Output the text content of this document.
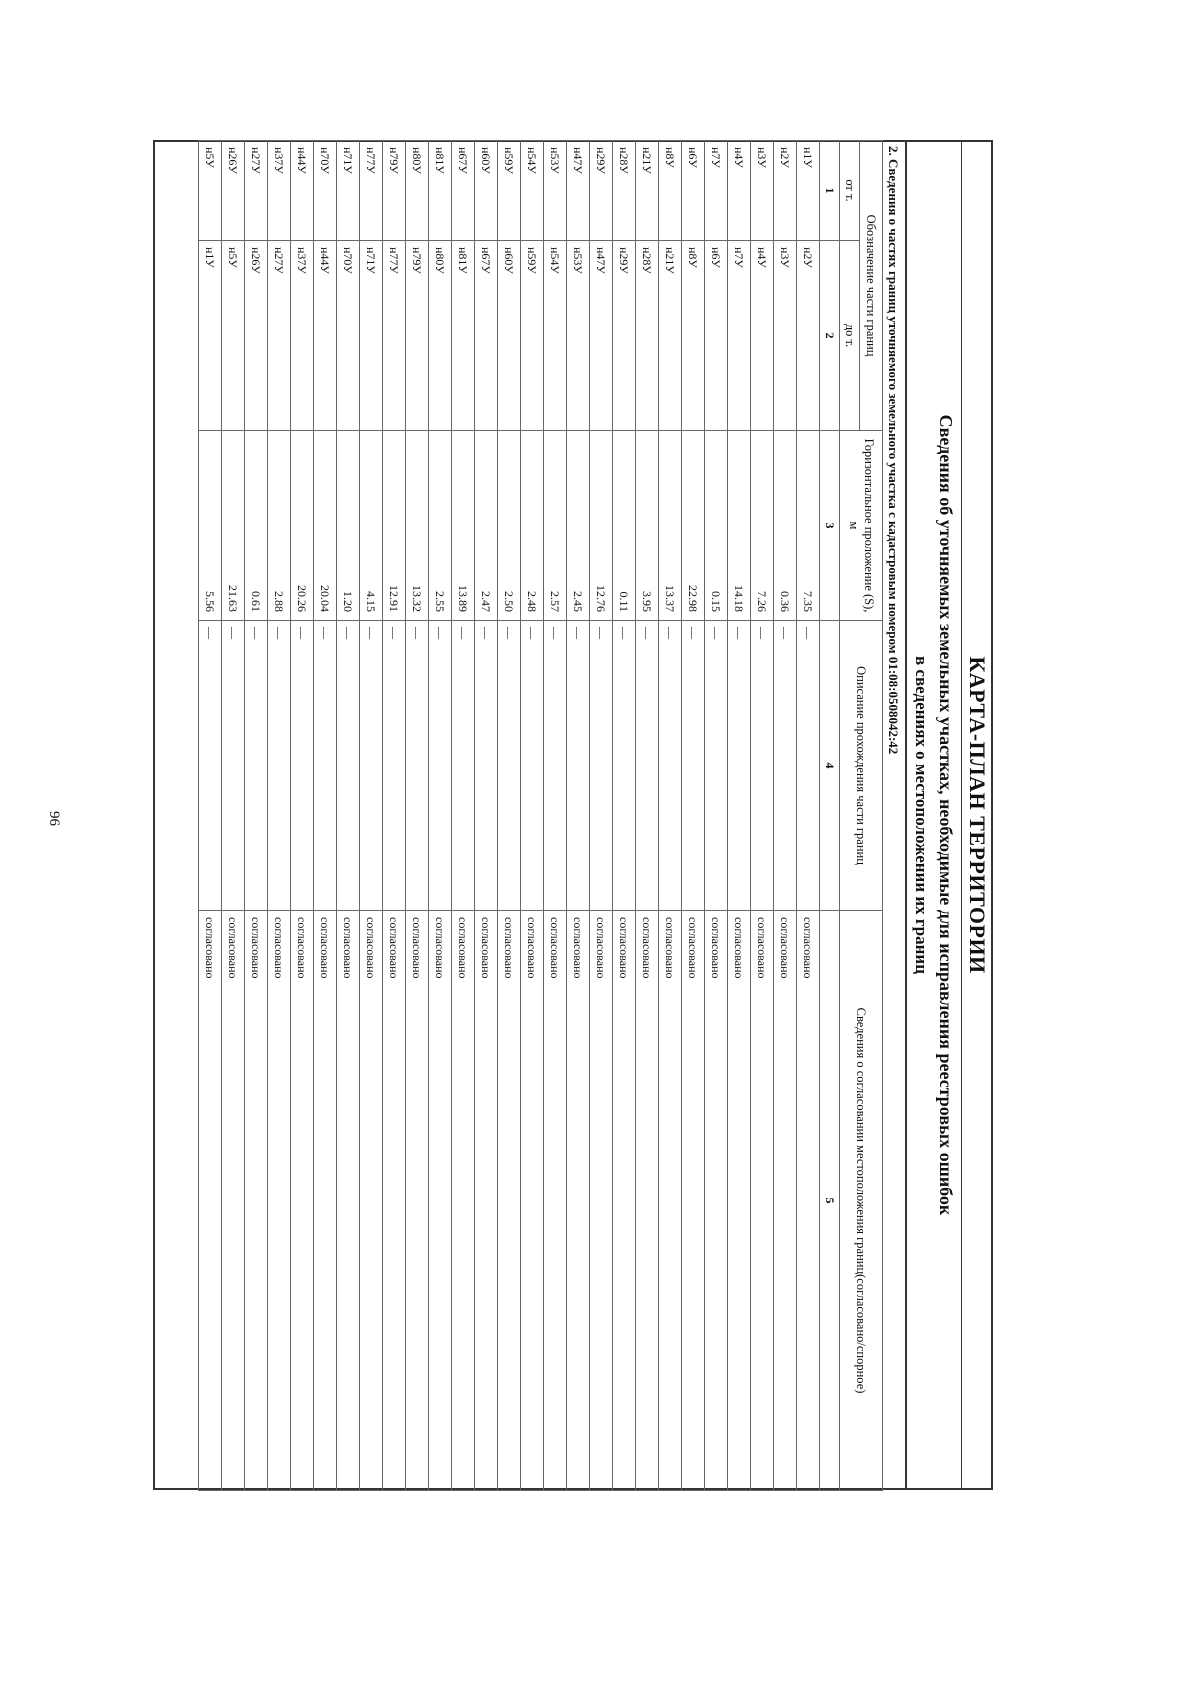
96	КАРТА-ПЛАН ТЕРРИТОРИИ
Сведения об уточняемых земельных участках, необходимые для исправления реестровых ошибок
в сведениях о местоположении их границ
2. Сведения о частях границ уточняемого земельного участка с кадастровым номером 01:08:0508042:42
Обозначение части границ		Горизонтальное проложение (S), м	Описание прохождения части границ	Сведения о согласовании местоположения границ(согласовано/спорное)
от т.	до т.			
1	2	3	4	5
н1У	н2У	7.35	—	согласовано
н2У	н3У	0.36	—	согласовано
н3У	н4У	7.26	—	согласовано
н4У	н7У	14.18	—	согласовано
н7У	н6У	0.15	—	согласовано
н6У	н8У	22.98	—	согласовано
н8У	н21У	13.37	—	согласовано
н21У	н28У	3.95	—	согласовано
н28У	н29У	0.11	—	согласовано
н29У	н47У	12.76	—	согласовано
н47У	н53У	2.45	—	согласовано
н53У	н54У	2.57	—	согласовано
н54У	н59У	2.48	—	согласовано
н59У	н60У	2.50	—	согласовано
н60У	н67У	2.47	—	согласовано
н67У	н81У	13.89	—	согласовано
н81У	н80У	2.55	—	согласовано
н80У	н79У	13.32	—	согласовано
н79У	н77У	12.91	—	согласовано
н77У	н71У	4.15	—	согласовано
н71У	н70У	1.20	—	согласовано
н70У	н44У	20.04	—	согласовано
н44У	н37У	20.26	—	согласовано
н37У	н27У	2.88	—	согласовано
н27У	н26У	0.61	—	согласовано
н26У	н5У	21.63	—	согласовано
н5У	н1У	5.56	—	согласовано
